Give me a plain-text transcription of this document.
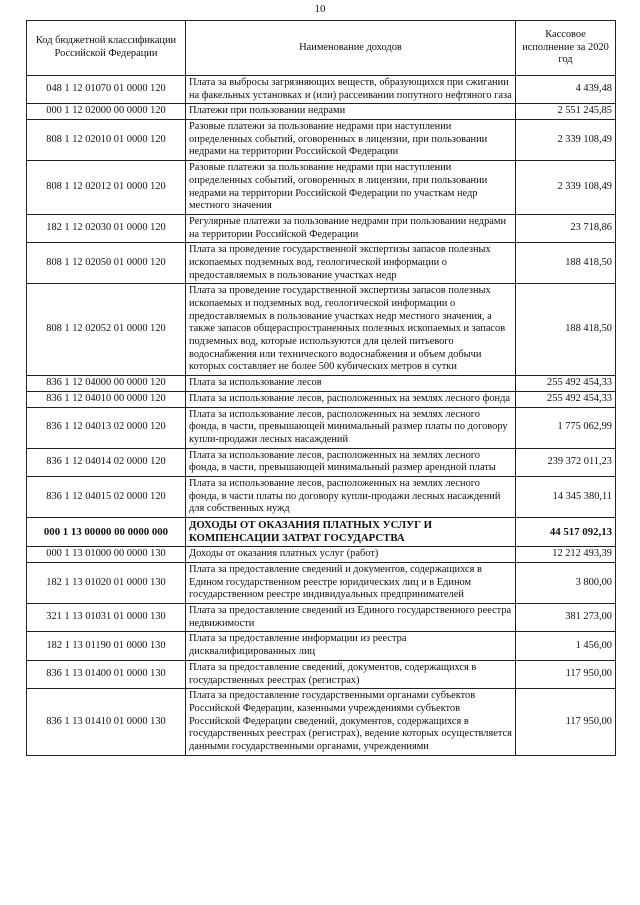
10
Код бюджетной классификации Российской Федерации	Наименование доходов	Кассовое исполнение за 2020 год
048 1 12 01070 01 0000 120	Плата за выбросы загрязняющих веществ, образующихся при сжигании на факельных установках и (или) рассеивании попутного нефтяного газа	4 439,48
000 1 12 02000 00 0000 120	Платежи при пользовании недрами	2 551 245,85
808 1 12 02010 01 0000 120	Разовые платежи за пользование недрами при наступлении определенных событий, оговоренных в лицензии, при пользовании недрами на территории Российской Федерации	2 339 108,49
808 1 12 02012 01 0000 120	Разовые платежи за пользование недрами при наступлении определенных событий, оговоренных в лицензии, при пользовании недрами на территории Российской Федерации по участкам недр местного значения	2 339 108,49
182 1 12 02030 01 0000 120	Регулярные платежи за пользование недрами при пользовании недрами на территории Российской Федерации	23 718,86
808 1 12 02050 01 0000 120	Плата за проведение государственной экспертизы запасов полезных ископаемых подземных вод, геологической информации о предоставляемых в пользование участках недр	188 418,50
808 1 12 02052 01 0000 120	Плата за проведение государственной экспертизы запасов полезных ископаемых и подземных вод, геологической информации о предоставляемых в пользование участках недр местного значения, а также запасов общераспространенных полезных ископаемых и запасов подземных вод, которые используются для целей питьевого водоснабжения или технического водоснабжения и объем добычи которых составляет не более 500 кубических метров в сутки	188 418,50
836 1 12 04000 00 0000 120	Плата за использование лесов	255 492 454,33
836 1 12 04010 00 0000 120	Плата за использование лесов, расположенных на землях лесного фонда	255 492 454,33
836 1 12 04013 02 0000 120	Плата за использование лесов, расположенных на землях лесного фонда, в части, превышающей минимальный размер платы по договору купли-продажи лесных насаждений	1 775 062,99
836 1 12 04014 02 0000 120	Плата за использование лесов, расположенных на землях лесного фонда, в части, превышающей минимальный размер арендной платы	239 372 011,23
836 1 12 04015 02 0000 120	Плата за использование лесов, расположенных на землях лесного фонда, в части платы по договору купли-продажи лесных насаждений для собственных нужд	14 345 380,11
000 1 13 00000 00 0000 000	ДОХОДЫ ОТ ОКАЗАНИЯ ПЛАТНЫХ УСЛУГ И КОМПЕНСАЦИИ ЗАТРАТ ГОСУДАРСТВА	44 517 092,13
000 1 13 01000 00 0000 130	Доходы от оказания платных услуг (работ)	12 212 493,39
182 1 13 01020 01 0000 130	Плата за предоставление сведений и документов, содержащихся в Едином государственном реестре юридических лиц и в Едином государственном реестре индивидуальных предпринимателей	3 800,00
321 1 13 01031 01 0000 130	Плата за предоставление сведений из Единого государственного реестра недвижимости	381 273,00
182 1 13 01190 01 0000 130	Плата за предоставление информации из реестра дисквалифицированных лиц	1 456,00
836 1 13 01400 01 0000 130	Плата за предоставление сведений, документов, содержащихся в государственных реестрах (регистрах)	117 950,00
836 1 13 01410 01 0000 130	Плата за предоставление государственными органами субъектов Российской Федерации, казенными учреждениями субъектов Российской Федерации сведений, документов, содержащихся в государственных реестрах (регистрах), ведение которых осуществляется данными государственными органами, учреждениями	117 950,00
